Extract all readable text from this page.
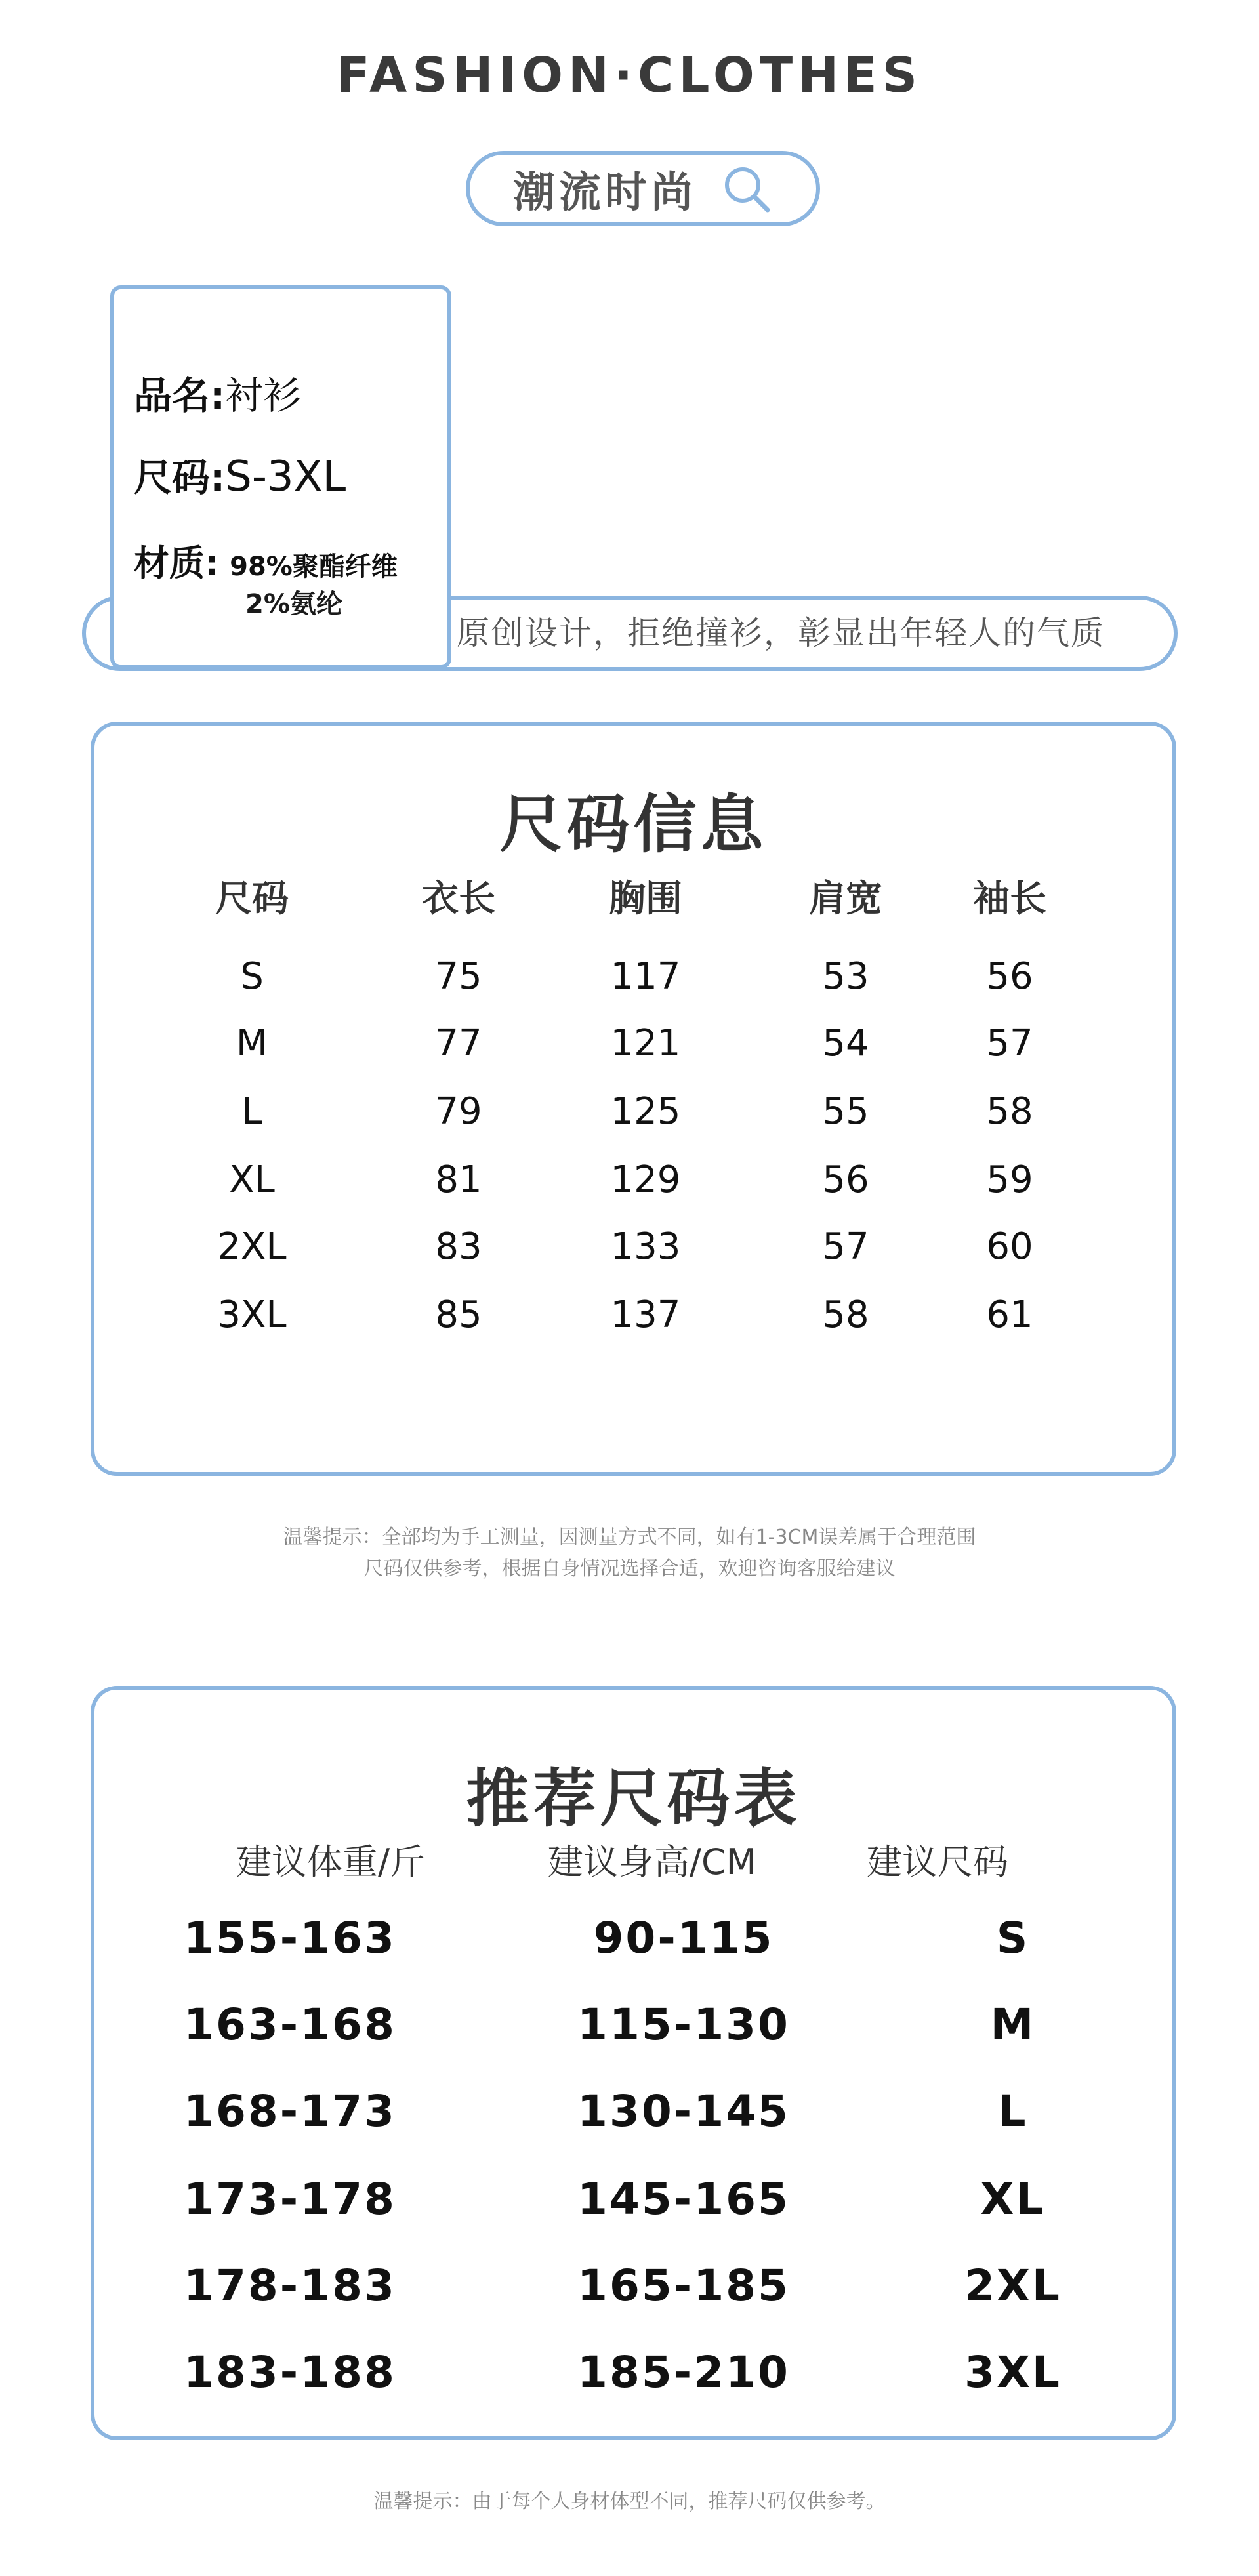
FASHION·CLOTHES
潮流时尚
原创设计，拒绝撞衫，彰显出年轻人的气质
品名:衬衫
尺码:S-3XL
材质: 98%聚酯纤维
2%氨纶
尺码信息
尺码	衣长	胸围	肩宽	袖长
S	75	117	53	56
M	77	121	54	57
L	79	125	55	58
XL	81	129	56	59
2XL	83	133	57	60
3XL	85	137	58	61
温馨提示：全部均为手工测量，因测量方式不同，如有1-3CM误差属于合理范围
尺码仅供参考，根据自身情况选择合适，欢迎咨询客服给建议
推荐尺码表
建议体重/斤	建议身高/CM	建议尺码
155-163	90-115	S
163-168	115-130	M
168-173	130-145	L
173-178	145-165	XL
178-183	165-185	2XL
183-188	185-210	3XL
温馨提示：由于每个人身材体型不同，推荐尺码仅供参考。
